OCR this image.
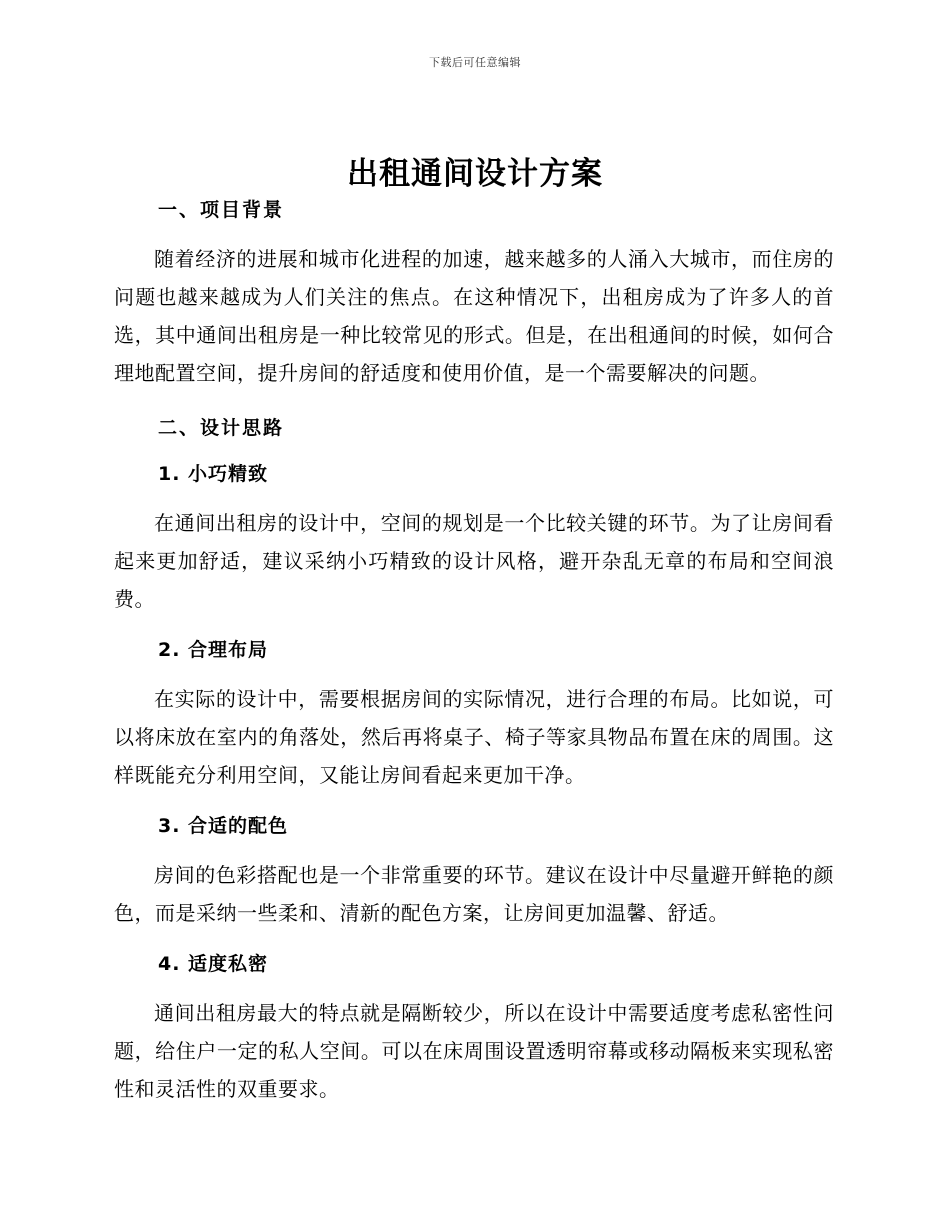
下载后可任意编辑
出租通间设计方案
一、项目背景

随着经济的进展和城市化进程的加速，越来越多的人涌入大城市，而住房的问题也越来越成为人们关注的焦点。在这种情况下，出租房成为了许多人的首选，其中通间出租房是一种比较常见的形式。但是，在出租通间的时候，如何合理地配置空间，提升房间的舒适度和使用价值，是一个需要解决的问题。

二、设计思路
1. 小巧精致

在通间出租房的设计中，空间的规划是一个比较关键的环节。为了让房间看起来更加舒适，建议采纳小巧精致的设计风格，避开杂乱无章的布局和空间浪费。

2. 合理布局

在实际的设计中，需要根据房间的实际情况，进行合理的布局。比如说，可以将床放在室内的角落处，然后再将桌子、椅子等家具物品布置在床的周围。这样既能充分利用空间，又能让房间看起来更加干净。

3. 合适的配色

房间的色彩搭配也是一个非常重要的环节。建议在设计中尽量避开鲜艳的颜色，而是采纳一些柔和、清新的配色方案，让房间更加温馨、舒适。

4. 适度私密

通间出租房最大的特点就是隔断较少，所以在设计中需要适度考虑私密性问题，给住户一定的私人空间。可以在床周围设置透明帘幕或移动隔板来实现私密性和灵活性的双重要求。
